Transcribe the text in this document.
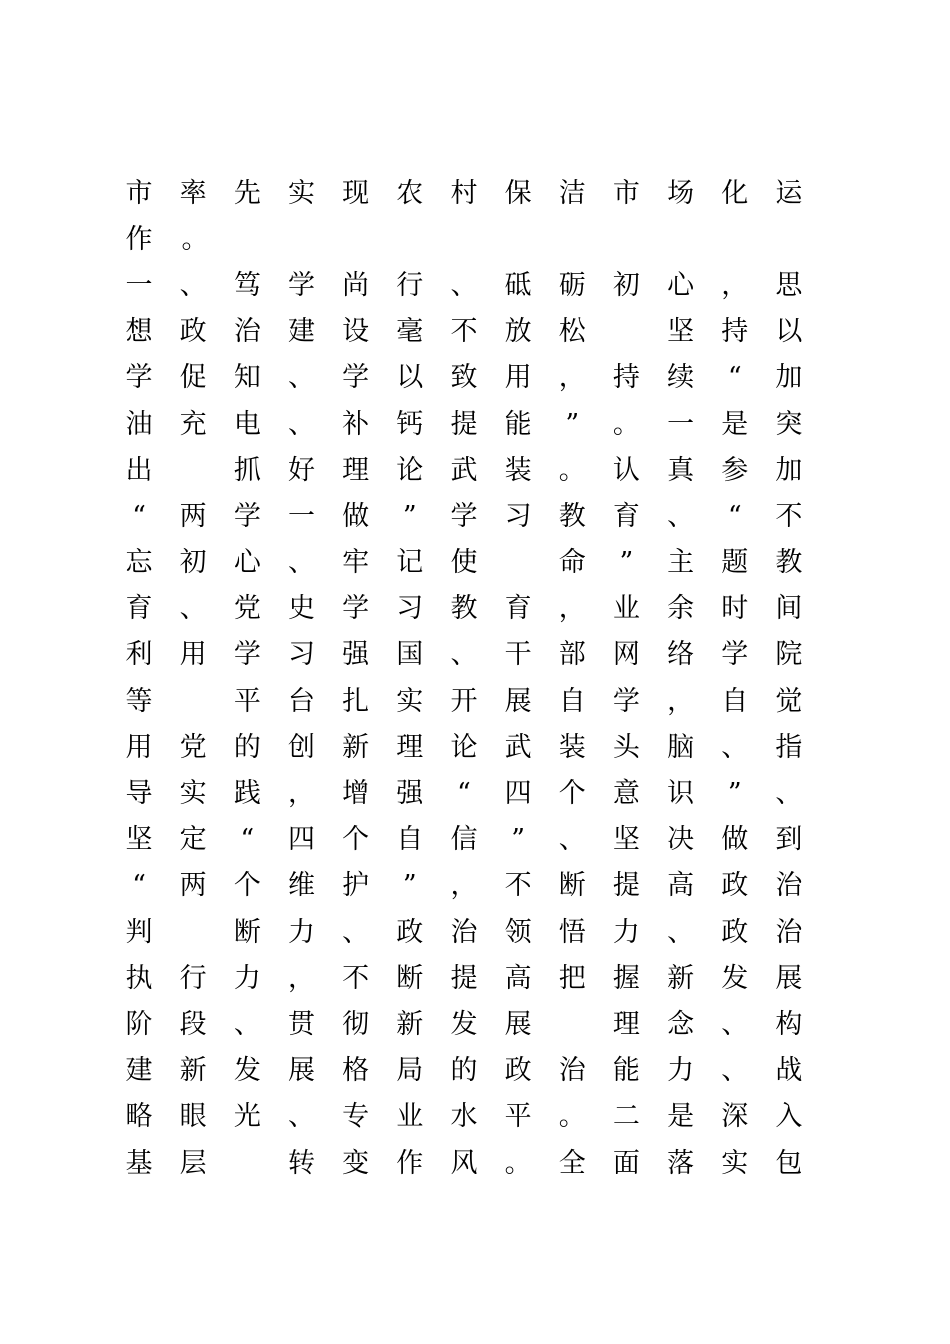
市 率 先 实 现 农 村 保 洁 市 场 化 运
作 。
一 、 笃 学 尚 行 、 砥 砺 初 心 ， 思
想 政 治 建 设 毫 不 放 松
	坚 持 以
学 促 知 、 学 以 致 用 ， 持 续 “ 加
油 充 电 、 补 钙 提 能 ” 。 一 是 突
出
	抓 好 理 论 武 装 。 认 真 参 加
“ 两 学 一 做 ” 学 习 教 育 、 “ 不
忘 初 心 、 牢 记 使
	命 ” 主 题 教
育 、 党 史 学 习 教 育 ， 业 余 时 间
利 用 学 习 强 国 、 干 部 网 络 学 院
等
	平 台 扎 实 开 展 自 学 ， 自 觉
用 党 的 创 新 理 论 武 装 头 脑 、 指
导 实 践 ， 增 强 “ 四 个 意 识 ” 、
坚 定 “ 四 个 自 信 ” 、 坚 决 做 到
“ 两 个 维 护 ” ， 不 断 提 高 政 治
判
	断 力 、 政 治 领 悟 力 、 政 治
执 行 力 ， 不 断 提 高 把 握 新 发 展
阶 段 、 贯 彻 新 发 展
	理 念 、 构
建 新 发 展 格 局 的 政 治 能 力 、 战
略 眼 光 、 专 业 水 平 。 二 是 深 入
基 层
	转 变 作 风 。 全 面 落 实 包
